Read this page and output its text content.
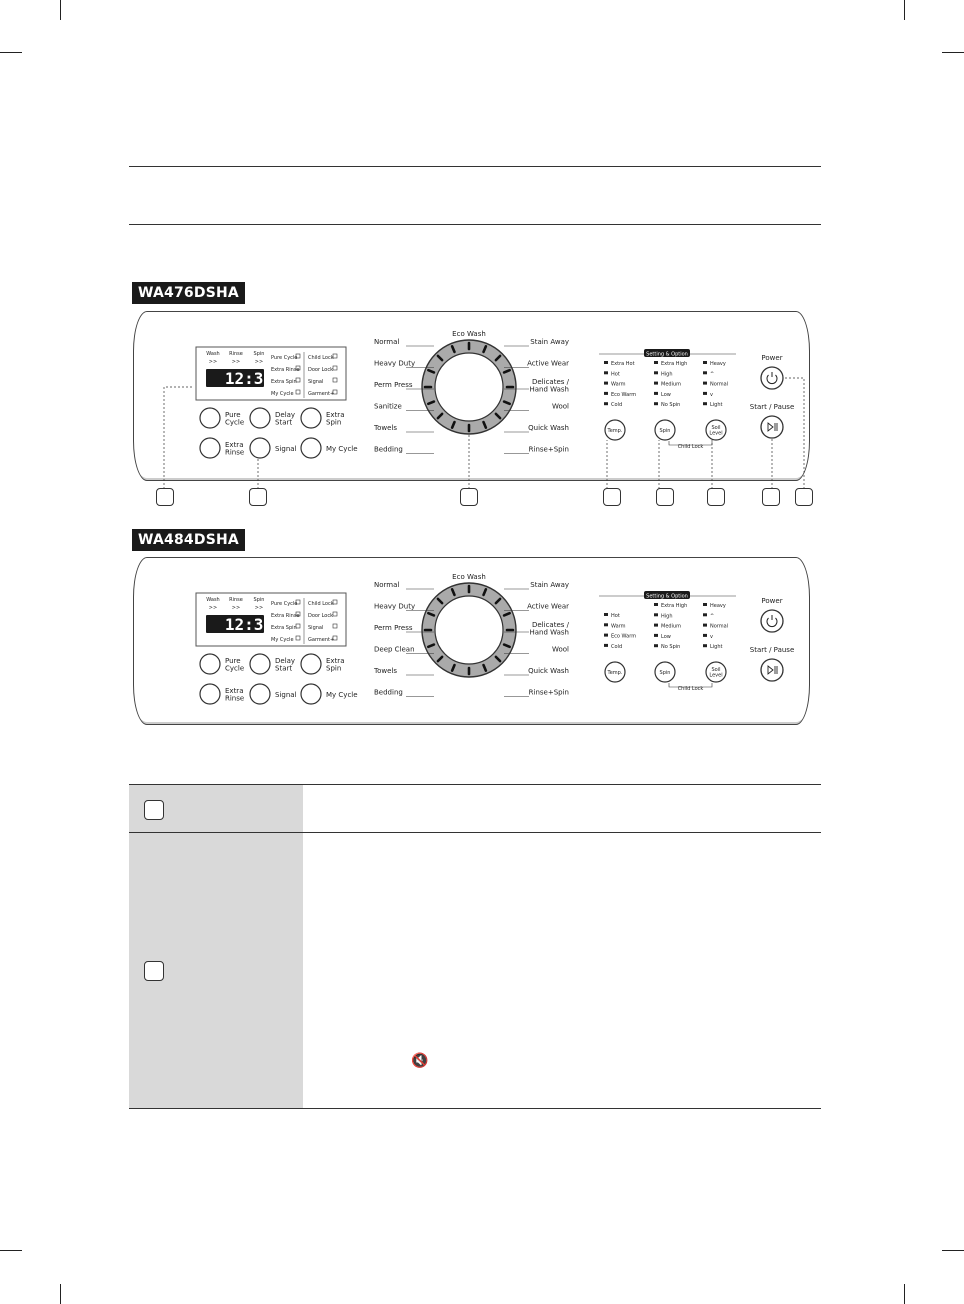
WA476DSHA
Wash
>>
Rinse
>>
Spin
>>
12:30
Pure Cycle
Extra Rinse
Extra Spin
My Cycle
Child Lock
Door Lock
Signal
Garment+
Pure Cycle
Delay Start
Extra Spin
Extra Rinse	Signal	My Cycle
Eco Wash
Normal
Heavy Duty
Perm Press
Sanitize
Towels
Bedding
Stain Away
Active Wear
Delicates / Hand Wash
Wool
Quick Wash
Rinse+Spin
Setting & Option
Extra Hot
Hot
Warm
Eco Warm
Cold
Extra High
High
Medium
Low
No Spin
Heavy
^
Normal
v
Light
Temp.	Spin	Soil Level
Child Lock
Power
Start / Pause
WA484DSHA
Wash
>>
Rinse
>>
Spin
>>
12:30
Pure Cycle
Extra Rinse
Extra Spin
My Cycle
Child Lock
Door Lock
Signal
Garment+
Pure Cycle
Delay Start
Extra Spin
Extra Rinse	Signal	My Cycle
Eco Wash
Normal
Heavy Duty
Perm Press
Deep Clean
Towels
Bedding
Stain Away
Active Wear
Delicates / Hand Wash
Wool
Quick Wash
Rinse+Spin
Setting & Option
Hot
Warm
Eco Warm
Cold
Extra High
High
Medium
Low
No Spin
Heavy
^
Normal
v
Light
Temp.	Spin	Soil Level
Child Lock
Power
Start / Pause
🔇
